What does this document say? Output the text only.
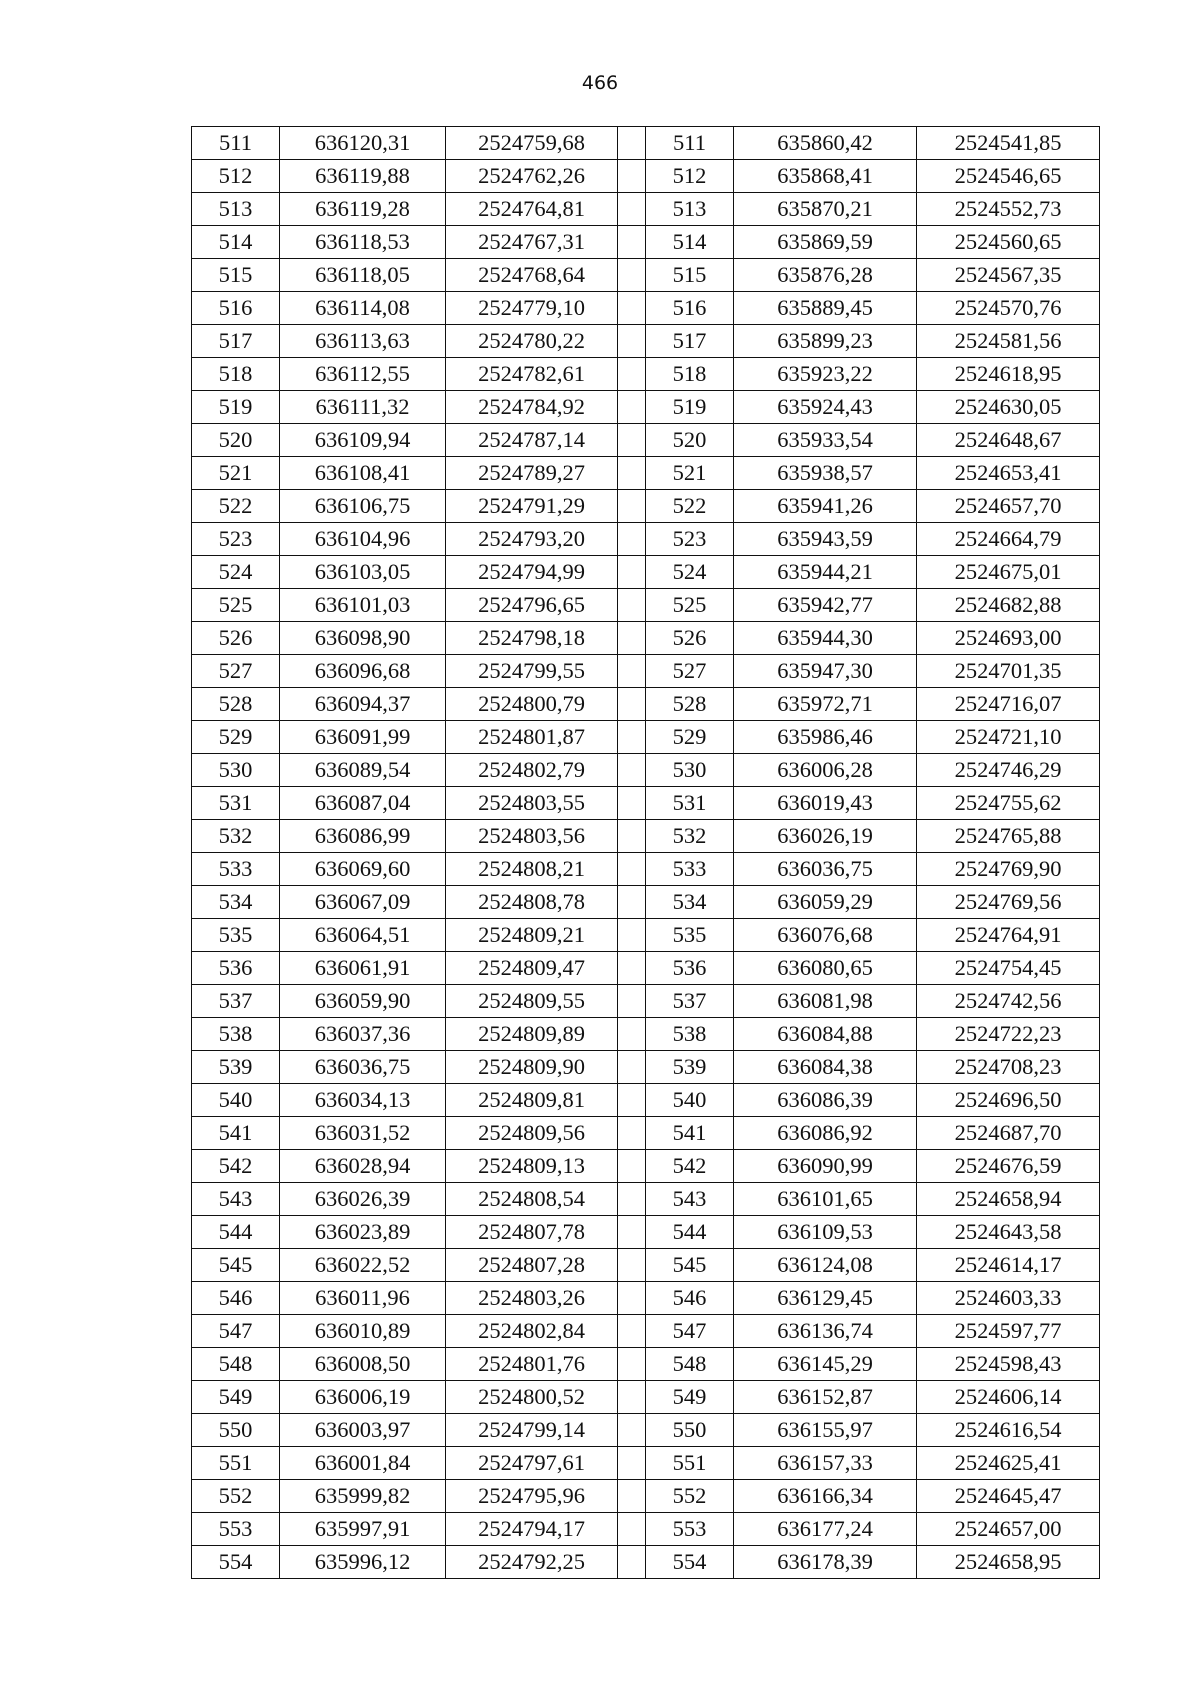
466
511	636120,31	2524759,68		511	635860,42	2524541,85
512	636119,88	2524762,26		512	635868,41	2524546,65
513	636119,28	2524764,81		513	635870,21	2524552,73
514	636118,53	2524767,31		514	635869,59	2524560,65
515	636118,05	2524768,64		515	635876,28	2524567,35
516	636114,08	2524779,10		516	635889,45	2524570,76
517	636113,63	2524780,22		517	635899,23	2524581,56
518	636112,55	2524782,61		518	635923,22	2524618,95
519	636111,32	2524784,92		519	635924,43	2524630,05
520	636109,94	2524787,14		520	635933,54	2524648,67
521	636108,41	2524789,27		521	635938,57	2524653,41
522	636106,75	2524791,29		522	635941,26	2524657,70
523	636104,96	2524793,20		523	635943,59	2524664,79
524	636103,05	2524794,99		524	635944,21	2524675,01
525	636101,03	2524796,65		525	635942,77	2524682,88
526	636098,90	2524798,18		526	635944,30	2524693,00
527	636096,68	2524799,55		527	635947,30	2524701,35
528	636094,37	2524800,79		528	635972,71	2524716,07
529	636091,99	2524801,87		529	635986,46	2524721,10
530	636089,54	2524802,79		530	636006,28	2524746,29
531	636087,04	2524803,55		531	636019,43	2524755,62
532	636086,99	2524803,56		532	636026,19	2524765,88
533	636069,60	2524808,21		533	636036,75	2524769,90
534	636067,09	2524808,78		534	636059,29	2524769,56
535	636064,51	2524809,21		535	636076,68	2524764,91
536	636061,91	2524809,47		536	636080,65	2524754,45
537	636059,90	2524809,55		537	636081,98	2524742,56
538	636037,36	2524809,89		538	636084,88	2524722,23
539	636036,75	2524809,90		539	636084,38	2524708,23
540	636034,13	2524809,81		540	636086,39	2524696,50
541	636031,52	2524809,56		541	636086,92	2524687,70
542	636028,94	2524809,13		542	636090,99	2524676,59
543	636026,39	2524808,54		543	636101,65	2524658,94
544	636023,89	2524807,78		544	636109,53	2524643,58
545	636022,52	2524807,28		545	636124,08	2524614,17
546	636011,96	2524803,26		546	636129,45	2524603,33
547	636010,89	2524802,84		547	636136,74	2524597,77
548	636008,50	2524801,76		548	636145,29	2524598,43
549	636006,19	2524800,52		549	636152,87	2524606,14
550	636003,97	2524799,14		550	636155,97	2524616,54
551	636001,84	2524797,61		551	636157,33	2524625,41
552	635999,82	2524795,96		552	636166,34	2524645,47
553	635997,91	2524794,17		553	636177,24	2524657,00
554	635996,12	2524792,25		554	636178,39	2524658,95
